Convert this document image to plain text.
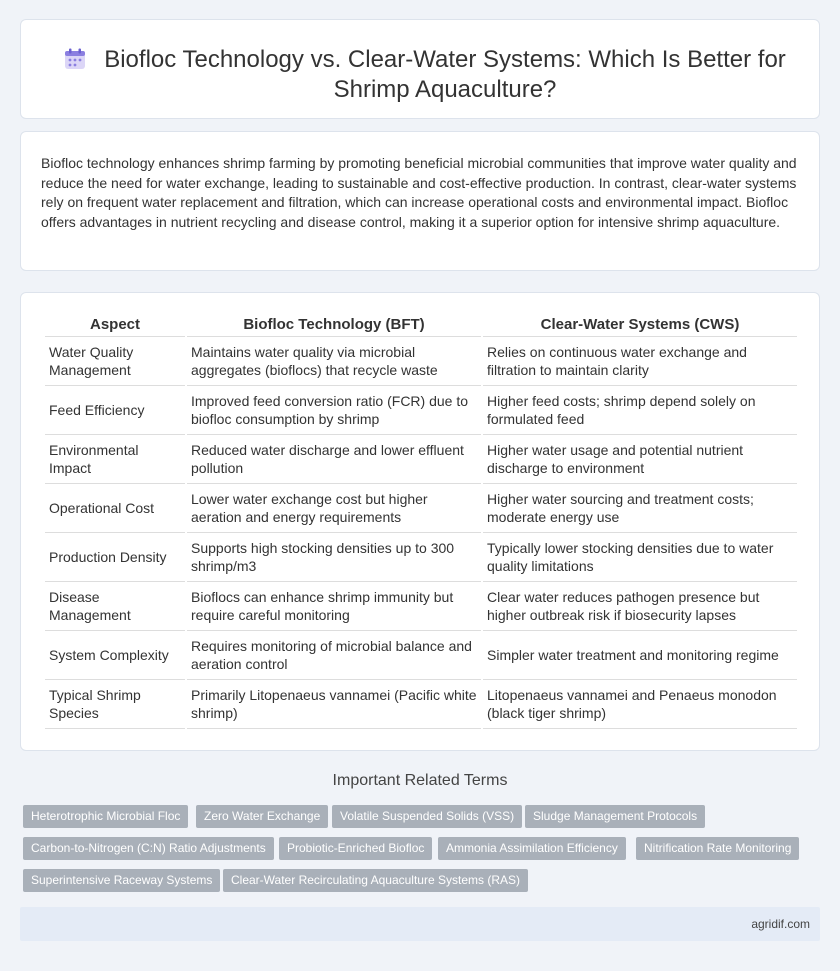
Biofloc Technology vs. Clear-Water Systems: Which Is Better for Shrimp Aquaculture?

Biofloc technology enhances shrimp farming by promoting beneficial microbial communities that improve water quality and reduce the need for water exchange, leading to sustainable and cost-effective production. In contrast, clear-water systems rely on frequent water replacement and filtration, which can increase operational costs and environmental impact. Biofloc offers advantages in nutrient recycling and disease control, making it a superior option for intensive shrimp aquaculture.

Aspect	Biofloc Technology (BFT)	Clear-Water Systems (CWS)
Water Quality Management	Maintains water quality via microbial aggregates (bioflocs) that recycle waste	Relies on continuous water exchange and filtration to maintain clarity
Feed Efficiency	Improved feed conversion ratio (FCR) due to biofloc consumption by shrimp	Higher feed costs; shrimp depend solely on formulated feed
Environmental Impact	Reduced water discharge and lower effluent pollution	Higher water usage and potential nutrient discharge to environment
Operational Cost	Lower water exchange cost but higher aeration and energy requirements	Higher water sourcing and treatment costs; moderate energy use
Production Density	Supports high stocking densities up to 300 shrimp/m3	Typically lower stocking densities due to water quality limitations
Disease Management	Bioflocs can enhance shrimp immunity but require careful monitoring	Clear water reduces pathogen presence but higher outbreak risk if biosecurity lapses
System Complexity	Requires monitoring of microbial balance and aeration control	Simpler water treatment and monitoring regime
Typical Shrimp Species	Primarily Litopenaeus vannamei (Pacific white shrimp)	Litopenaeus vannamei and Penaeus monodon (black tiger shrimp)
Important Related Terms
Heterotrophic Microbial Floc	Zero Water Exchange	Volatile Suspended Solids (VSS)	Sludge Management Protocols
Carbon-to-Nitrogen (C:N) Ratio Adjustments	Probiotic-Enriched Biofloc	Ammonia Assimilation Efficiency	Nitrification Rate Monitoring
Superintensive Raceway Systems	Clear-Water Recirculating Aquaculture Systems (RAS)
agridif.com
